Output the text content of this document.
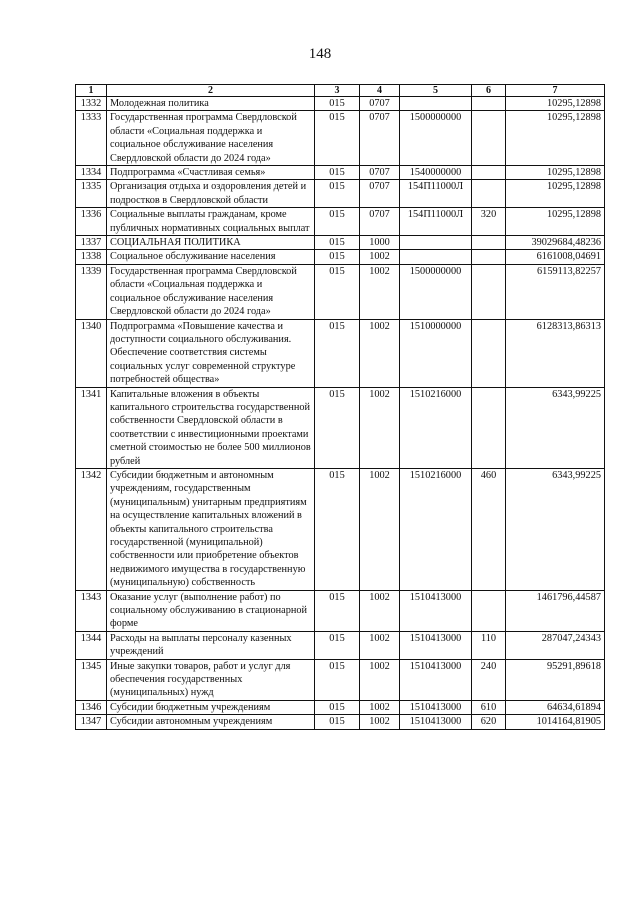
148
1	2	3	4	5	6	7
1332	Молодежная политика	015	0707			10295,12898
1333	Государственная программа Свердловской области «Социальная поддержка и социальное обслуживание населения Свердловской области до 2024 года»	015	0707	1500000000		10295,12898
1334	Подпрограмма «Счастливая семья»	015	0707	1540000000		10295,12898
1335	Организация отдыха и оздоровления детей и подростков в Свердловской области	015	0707	154П11000Л		10295,12898
1336	Социальные выплаты гражданам, кроме публичных нормативных социальных выплат	015	0707	154П11000Л	320	10295,12898
1337	СОЦИАЛЬНАЯ ПОЛИТИКА	015	1000			39029684,48236
1338	Социальное обслуживание населения	015	1002			6161008,04691
1339	Государственная программа Свердловской области «Социальная поддержка и социальное обслуживание населения Свердловской области до 2024 года»	015	1002	1500000000		6159113,82257
1340	Подпрограмма «Повышение качества и доступности социального обслуживания. Обеспечение соответствия системы социальных услуг современной структуре потребностей общества»	015	1002	1510000000		6128313,86313
1341	Капитальные вложения в объекты капитального строительства государственной собственности Свердловской области в соответствии с инвестиционными проектами сметной стоимостью не более 500 миллионов рублей	015	1002	1510216000		6343,99225
1342	Субсидии бюджетным и автономным учреждениям, государственным (муниципальным) унитарным предприятиям на осуществление капитальных вложений в объекты капитального строительства государственной (муниципальной) собственности или приобретение объектов недвижимого имущества в государственную (муниципальную) собственность	015	1002	1510216000	460	6343,99225
1343	Оказание услуг (выполнение работ) по социальному обслуживанию в стационарной форме	015	1002	1510413000		1461796,44587
1344	Расходы на выплаты персоналу казенных учреждений	015	1002	1510413000	110	287047,24343
1345	Иные закупки товаров, работ и услуг для обеспечения государственных (муниципальных) нужд	015	1002	1510413000	240	95291,89618
1346	Субсидии бюджетным учреждениям	015	1002	1510413000	610	64634,61894
1347	Субсидии автономным учреждениям	015	1002	1510413000	620	1014164,81905
